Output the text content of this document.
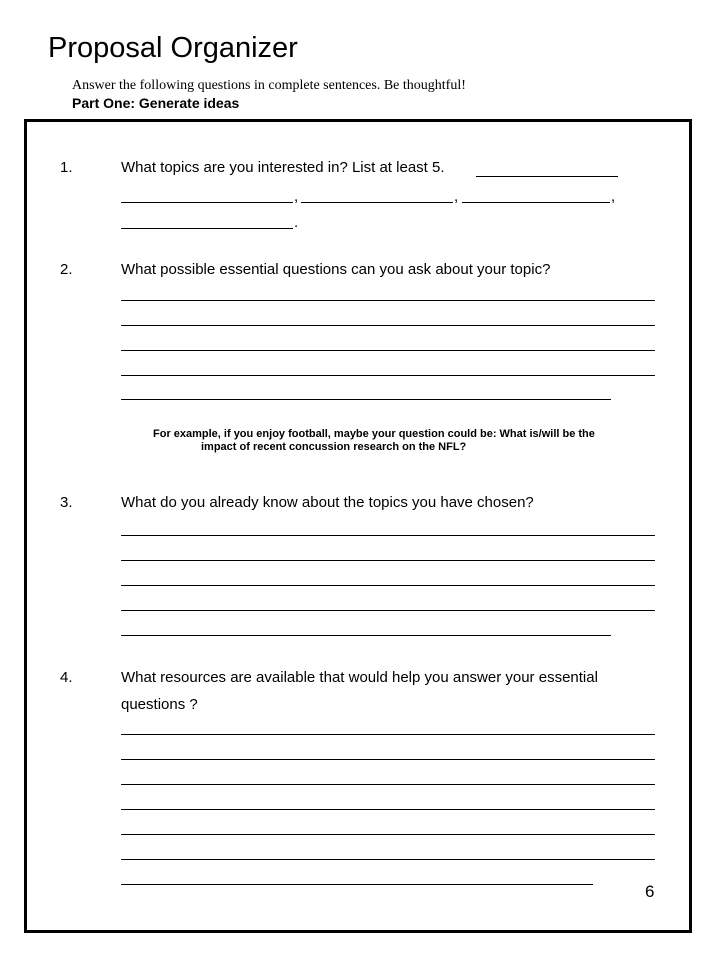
Proposal Organizer
Answer the following questions in complete sentences. Be thoughtful!
Part One: Generate ideas
1.	What topics are you interested in? List at least 5.
,	,	,
.
2.	What possible essential questions can you ask about your topic?
For example, if you enjoy football, maybe your question could be: What is/will be the
impact of recent concussion research on the NFL?
3.	What do you already know about the topics you have chosen?
4.	What resources are available that would help you answer your essential
questions ?
6
